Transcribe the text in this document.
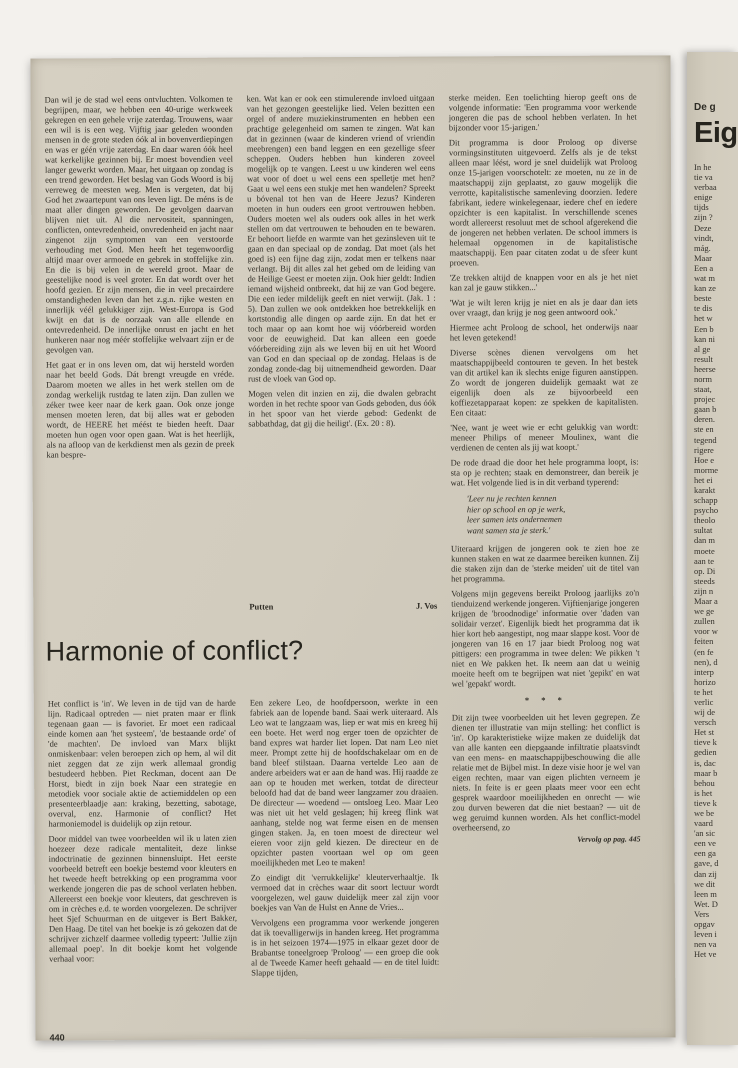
Dan wil je de stad wel eens ontvluchten. Volkomen te begrijpen, maar, we hebben een 40-urige werkweek gekregen en een gehele vrije zaterdag. Trouwens, waar een wil is is een weg. Vijftig jaar geleden woonden mensen in de grote steden óók al in bovenverdiepingen en was er géén vrije zaterdag. En daar waren óók heel wat kerkelijke gezinnen bij. Er moest bovendien veel langer gewerkt worden. Maar, het uitgaan op zondag is een trend geworden. Het beslag van Gods Woord is bij verreweg de meesten weg. Men is vergeten, dat bij God het zwaartepunt van ons leven ligt. De méns is de maat aller dingen geworden. De gevolgen daarvan blijven niet uit. Al die nervositeit, spanningen, conflicten, ontevredenheid, onvredenheid en jacht naar zingenot zijn symptomen van een verstoorde verhouding met God. Men heeft het tegenwoordig altijd maar over armoede en gebrek in stoffelijke zin. En die is bij velen in de wereld groot. Maar de geestelijke nood is veel groter. En dat wordt over het hoofd gezien. Er zijn mensen, die in veel precairdere omstandigheden leven dan het z.g.n. rijke westen en innerlijk véél gelukkiger zijn. West-Europa is God kwijt en dat is de oorzaak van alle ellende en ontevredenheid. De innerlijke onrust en jacht en het hunkeren naar nog méér stoffelijke welvaart zijn er de gevolgen van.

Het gaat er in ons leven om, dat wij hersteld worden naar het beeld Gods. Dát brengt vreugde en vréde. Daarom moeten we alles in het werk stellen om de zondag werkelijk rustdag te laten zijn. Dan zullen we zéker twee keer naar de kerk gaan. Ook onze jonge mensen moeten leren, dat bij alles wat er geboden wordt, de HEERE het méést te bieden heeft. Daar moeten hun ogen voor open gaan. Wat is het heerlijk, als na afloop van de kerkdienst men als gezin de preek kan bespre-

ken. Wat kan er ook een stimulerende invloed uitgaan van het gezongen geestelijke lied. Velen bezitten een orgel of andere muziekinstrumenten en hebben een prachtige gelegenheid om samen te zingen. Wat kan dat in gezinnen (waar de kinderen vriend of vriendin meebrengen) een band leggen en een gezellige sfeer scheppen. Ouders hebben hun kinderen zoveel mogelijk op te vangen. Leest u uw kinderen wel eens wat voor of doet u wel eens een spelletje met hen? Gaat u wel eens een stukje met hen wandelen? Spreekt u bóvenal tot hen van de Heere Jezus? Kinderen moeten in hun ouders een groot vertrouwen hebben. Ouders moeten wel als ouders ook alles in het werk stellen om dat vertrouwen te behouden en te bewaren. Er behoort liefde en warmte van het gezinsleven uit te gaan en dan speciaal op de zondag. Dat moet (als het goed is) een fijne dag zijn, zodat men er telkens naar verlangt. Bij dit alles zal het gebed om de leiding van de Heilige Geest er moeten zijn. Ook hier geldt: Indien iemand wijsheid ontbreekt, dat hij ze van God begere. Die een ieder mildelijk geeft en niet verwijt. (Jak. 1 : 5). Dan zullen we ook ontdekken hoe betrekkelijk en kortstondig alle dingen op aarde zijn. En dat het er toch maar op aan komt hoe wij vóórbereid worden voor de eeuwigheid. Dat kan alleen een goede vóórbereiding zijn als we leven bij en uit het Woord van God en dan speciaal op de zondag. Helaas is de zondag zonde-dag bij uitnemendheid geworden. Daar rust de vloek van God op.

Mogen velen dit inzien en zij, die dwalen gebracht worden in het rechte spoor van Gods geboden, dus óók in het spoor van het vierde gebod: Gedenkt de sabbathdag, dat gij die heiligt'. (Ex. 20 : 8).

Putten	J. Vos
Harmonie of conflict?

Het conflict is 'in'. We leven in de tijd van de harde lijn. Radicaal optreden — niet praten maar er flink tegenaan gaan — is favoriet. Er moet een radicaal einde komen aan 'het systeem', 'de bestaande orde' of 'de machten'. De invloed van Marx blijkt onmiskenbaar: velen beroepen zich op hem, al wil dit niet zeggen dat ze zijn werk allemaal grondig bestudeerd hebben. Piet Reckman, docent aan De Horst, biedt in zijn boek Naar een strategie en metodiek voor sociale aktie de actiemiddelen op een presenteerblaadje aan: kraking, bezetting, sabotage, overval, enz. Harmonie of conflict? Het harmoniemodel is duidelijk op zijn retour.

Door middel van twee voorbeelden wil ik u laten zien hoezeer deze radicale mentaliteit, deze linkse indoctrinatie de gezinnen binnensluipt. Het eerste voorbeeld betreft een boekje bestemd voor kleuters en het tweede heeft betrekking op een programma voor werkende jongeren die pas de school verlaten hebben. Allereerst een boekje voor kleuters, dat geschreven is om in crèches e.d. te worden voorgelezen. De schrijver heet Sjef Schuurman en de uitgever is Bert Bakker, Den Haag. De titel van het boekje is zó gekozen dat de schrijver zichzelf daarmee volledig typeert: 'Jullie zijn allemaal poep'. In dit boekje komt het volgende verhaal voor:

Een zekere Leo, de hoofdpersoon, werkte in een fabriek aan de lopende band. Saai werk uiteraard. Als Leo wat te langzaam was, liep er wat mis en kreeg hij een boete. Het werd nog erger toen de opzichter de band expres wat harder liet lopen. Dat nam Leo niet meer. Prompt zette hij de hoofdschakelaar om en de band bleef stilstaan. Daarna vertelde Leo aan de andere arbeiders wat er aan de hand was. Hij raadde ze aan op te houden met werken, totdat de directeur beloofd had dat de band weer langzamer zou draaien. De directeur — woedend — ontsloeg Leo. Maar Leo was niet uit het veld geslagen; hij kreeg flink wat aanhang, stelde nog wat ferme eisen en de mensen gingen staken. Ja, en toen moest de directeur wel eieren voor zijn geld kiezen. De directeur en de opzichter pasten voortaan wel op om geen moeilijkheden met Leo te maken!

Zo eindigt dit 'verrukkelijke' kleuterverhaaltje. Ik vermoed dat in crèches waar dit soort lectuur wordt voorgelezen, wel gauw duidelijk meer zal zijn voor boekjes van Van de Hulst en Anne de Vries...

Vervolgens een programma voor werkende jongeren dat ik toevalligerwijs in handen kreeg. Het programma is in het seizoen 1974—1975 in elkaar gezet door de Brabantse toneelgroep 'Proloog' — een groep die ook al de Tweede Kamer heeft gehaald — en de titel luidt: Slappe tijden,

sterke meiden. Een toelichting hierop geeft ons de volgende informatie: 'Een programma voor werkende jongeren die pas de school hebben verlaten. In het bijzonder voor 15-jarigen.'

Dit programma is door Proloog op diverse vormingsinstituten uitgevoerd. Zelfs als je de tekst alleen maar léést, word je snel duidelijk wat Proloog onze 15-jarigen voorschotelt: ze moeten, nu ze in de maatschappij zijn geplaatst, zo gauw mogelijk die verrotte, kapitalistische samenleving doorzien. Iedere fabrikant, iedere winkelegenaar, iedere chef en iedere opzichter is een kapitalist. In verschillende scenes wordt allereerst resoluut met de school afgerekend die de jongeren net hebben verlaten. De school immers is helemaal opgenomen in de kapitalistische maatschappij. Een paar citaten zodat u de sfeer kunt proeven.

'Ze trekken altijd de knappen voor en als je het niet kan zal je gauw stikken...'

'Wat je wilt leren krijg je niet en als je daar dan iets over vraagt, dan krijg je nog geen antwoord ook.'

Hiermee acht Proloog de school, het onderwijs naar het leven getekend!

Diverse scènes dienen vervolgens om het maatschappijbeeld contouren te geven. In het bestek van dit artikel kan ik slechts enige figuren aanstippen. Zo wordt de jongeren duidelijk gemaakt wat ze eigenlijk doen als ze bijvoorbeeld een koffiezetapparaat kopen: ze spekken de kapitalisten. Een citaat:

'Nee, want je weet wie er echt gelukkig van wordt: meneer Philips of meneer Moulinex, want die verdienen de centen als jij wat koopt.'

De rode draad die door het hele programma loopt, is: sta op je rechten; staak en demonstreer, dan bereik je wat. Het volgende lied is in dit verband typerend:

'Leer nu je rechten kennen
hier op school en op je werk,
leer samen iets ondernemen
want samen sta je sterk.'

Uiteraard krijgen de jongeren ook te zien hoe ze kunnen staken en wat ze daarmee bereiken kunnen. Zij die staken zijn dan de 'sterke meiden' uit de titel van het programma.

Volgens mijn gegevens bereikt Proloog jaarlijks zo'n tienduizend werkende jongeren. Vijftienjarige jongeren krijgen de 'broodnodige' informatie over 'daden van solidair verzet'. Eigenlijk biedt het programma dat ik hier kort heb aangestipt, nog maar slappe kost. Voor de jongeren van 16 en 17 jaar biedt Proloog nog wat pittigers: een programma in twee delen: We pikken 't niet en We pakken het. Ik neem aan dat u weinig moeite heeft om te begrijpen wat niet 'gepikt' en wat wel 'gepakt' wordt.

* * *

Dit zijn twee voorbeelden uit het leven gegrepen. Ze dienen ter illustratie van mijn stelling: het conflict is 'in'. Op karakteristieke wijze maken ze duidelijk dat van alle kanten een diepgaande infiltratie plaatsvindt van een mens- en maatschappijbeschouwing die alle relatie met de Bijbel mist. In deze visie hoor je wel van eigen rechten, maar van eigen plichten verneem je niets. In feite is er geen plaats meer voor een echt gesprek waardoor moeilijkheden en onrecht — wie zou durven beweren dat die niet bestaan? — uit de weg geruimd kunnen worden. Als het conflict-model overheersend, zo

Vervolg op pag. 445
440
De g
Eig

In he

tie va

verbaa

enige

tijds

zijn ?

Deze

vindt,

mág.

Maar

Een a

wat m

kan ze

beste

te dis

het w

Een b

kan ni

al ge

result

heerse

norm

staat,

projec

gaan b

deren.

ste en

tegend

rigere

Hoe e

morme

het ei

karakt

schapp

psycho

theolo

sultat

dan m

moete

aan te

op. Di

steeds

zijn n

Maar a

we ge

zullen

voor w

feiten

(en fe

nen), d

interp

horizo

te het

verlic

wij de

versch

Het st

tieve k

gedien

is, dac

maar b

behou

is het

tieve k

we be

vaard

'an sic

een ve

een ga

gave, d

dan zij

we dit

leen m

Wet. D

Vers

opgav

leven i

nen va

Het ve
